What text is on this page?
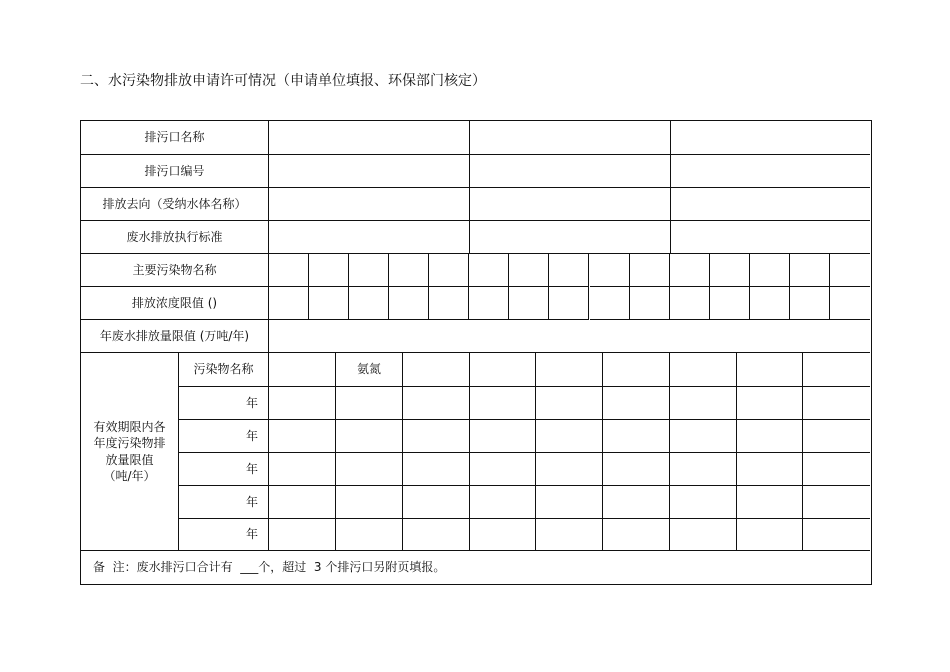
二、水污染物排放申请许可情况（申请单位填报、环保部门核定）
排污口名称
排污口编号
排放去向（受纳水体名称）
废水排放执行标准
主要污染物名称
排放浓度限值 ()
年废水排放量限值 (万吨/年)
有效期限内各
年度污染物排
放量限值
（吨/年）
污染物名称
备  注：废水排污口合计有 ___ 个，超过  3 个排污口另附页填报。
氨氮
年
年
年
年
年
